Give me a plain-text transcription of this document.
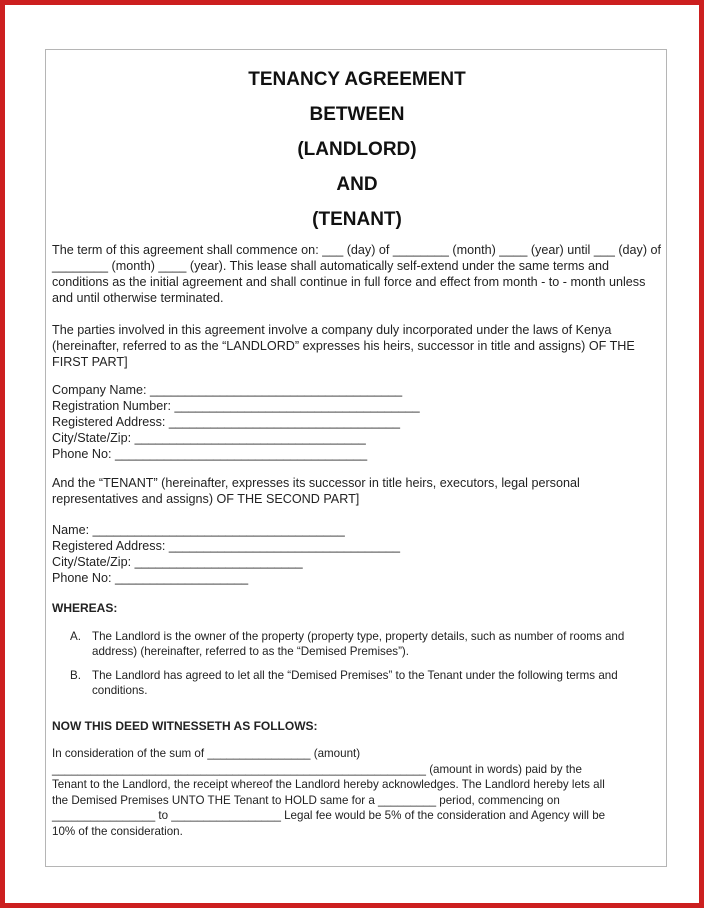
TENANCY AGREEMENT
BETWEEN
(LANDLORD)
AND
(TENANT)

The term of this agreement shall commence on: ___ (day) of ________ (month) ____ (year) until ___ (day) of ________ (month) ____ (year). This lease shall automatically self-extend under the same terms and conditions as the initial agreement and shall continue in full force and effect from month - to - month unless and until otherwise terminated.

The parties involved in this agreement involve a company duly incorporated under the laws of Kenya (hereinafter, referred to as the “LANDLORD” expresses his heirs, successor in title and assigns) OF THE FIRST PART]

Company Name: ____________________________________
Registration Number: ___________________________________
Registered Address: _________________________________
City/State/Zip: _________________________________
Phone No: ____________________________________

And the “TENANT” (hereinafter, expresses its successor in title heirs, executors, legal personal representatives and assigns) OF THE SECOND PART]

Name: ____________________________________
Registered Address: _________________________________
City/State/Zip: ________________________
Phone No: ___________________
WHEREAS:
A. The Landlord is the owner of the property (property type, property details, such as number of rooms and address) (hereinafter, referred to as the “Demised Premises”).
B. The Landlord has agreed to let all the “Demised Premises” to the Tenant under the following terms and conditions.
NOW THIS DEED WITNESSETH AS FOLLOWS:
In consideration of the sum of ________________ (amount)
__________________________________________________________ (amount in words) paid by the
Tenant to the Landlord, the receipt whereof the Landlord hereby acknowledges. The Landlord hereby lets all
the Demised Premises UNTO THE Tenant to HOLD same for a _________ period, commencing on
________________ to _________________ Legal fee would be 5% of the consideration and Agency will be
10% of the consideration.
